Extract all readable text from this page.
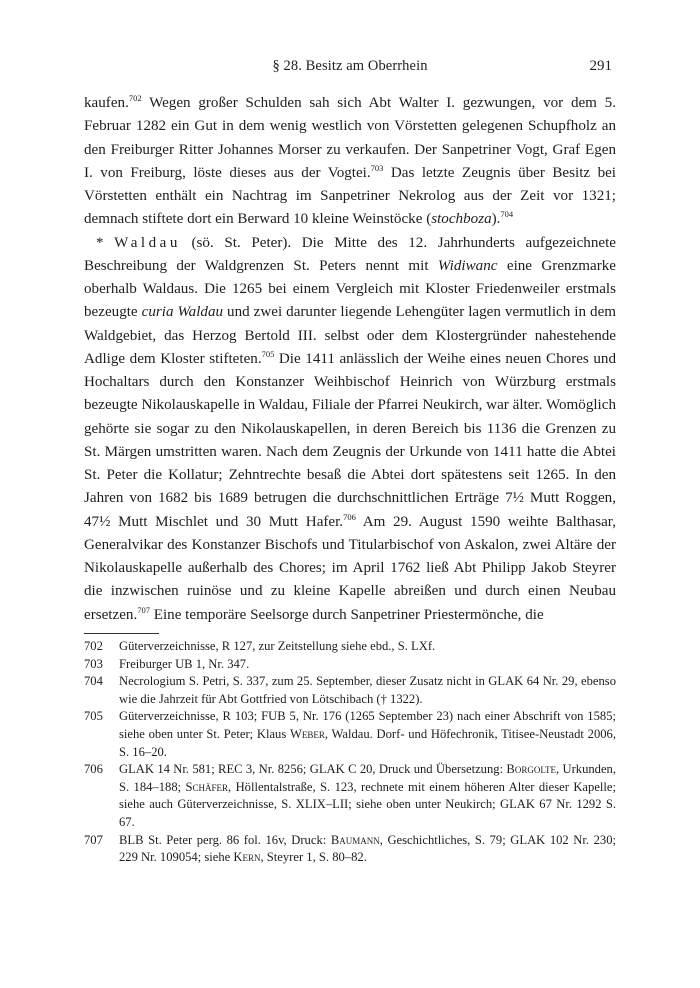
§ 28. Besitz am Oberrhein	291

kaufen.$^{702}$ Wegen großer Schulden sah sich Abt Walter I. gezwungen, vor dem 5. Februar 1282 ein Gut in dem wenig westlich von Vörstetten gelegenen Schupfholz an den Freiburger Ritter Johannes Morser zu verkaufen. Der Sanpetriner Vogt, Graf Egen I. von Freiburg, löste dieses aus der Vogtei.$^{703}$ Das letzte Zeugnis über Besitz bei Vörstetten enthält ein Nachtrag im Sanpetriner Nekrolog aus der Zeit vor 1321; demnach stiftete dort ein Berward 10 kleine Weinstöcke (stochboza).$^{704}$

* Waldau (sö. St. Peter). Die Mitte des 12. Jahrhunderts aufgezeichnete Beschreibung der Waldgrenzen St. Peters nennt mit Widiwanc eine Grenzmarke oberhalb Waldaus. Die 1265 bei einem Vergleich mit Kloster Friedenweiler erstmals bezeugte curia Waldau und zwei darunter liegende Lehengüter lagen vermutlich in dem Waldgebiet, das Herzog Bertold III. selbst oder dem Klostergründer nahestehende Adlige dem Kloster stifteten.$^{705}$ Die 1411 anlässlich der Weihe eines neuen Chores und Hochaltars durch den Konstanzer Weihbischof Heinrich von Würzburg erstmals bezeugte Nikolauskapelle in Waldau, Filiale der Pfarrei Neukirch, war älter. Womöglich gehörte sie sogar zu den Nikolauskapellen, in deren Bereich bis 1136 die Grenzen zu St. Märgen umstritten waren. Nach dem Zeugnis der Urkunde von 1411 hatte die Abtei St. Peter die Kollatur; Zehntrechte besaß die Abtei dort spätestens seit 1265. In den Jahren von 1682 bis 1689 betrugen die durchschnittlichen Erträge 7½ Mutt Roggen, 47½ Mutt Mischlet und 30 Mutt Hafer.$^{706}$ Am 29. August 1590 weihte Balthasar, Generalvikar des Konstanzer Bischofs und Titularbischof von Askalon, zwei Altäre der Nikolauskapelle außerhalb des Chores; im April 1762 ließ Abt Philipp Jakob Steyrer die inzwischen ruinöse und zu kleine Kapelle abreißen und durch einen Neubau ersetzen.$^{707}$ Eine temporäre Seelsorge durch Sanpetriner Priestermönche, die

702	Güterverzeichnisse, R 127, zur Zeitstellung siehe ebd., S. LXf.
703	Freiburger UB 1, Nr. 347.
704	Necrologium S. Petri, S. 337, zum 25. September, dieser Zusatz nicht in GLAK 64 Nr. 29, ebenso wie die Jahrzeit für Abt Gottfried von Lötschibach († 1322).
705	Güterverzeichnisse, R 103; FUB 5, Nr. 176 (1265 September 23) nach einer Abschrift von 1585; siehe oben unter St. Peter; Klaus Weber, Waldau. Dorf- und Höfechronik, Titisee-Neustadt 2006, S. 16–20.
706	GLAK 14 Nr. 581; REC 3, Nr. 8256; GLAK C 20, Druck und Übersetzung: Borgolte, Urkunden, S. 184–188; Schäfer, Höllentalstraße, S. 123, rechnete mit einem höheren Alter dieser Kapelle; siehe auch Güterverzeichnisse, S. XLIX–LII; siehe oben unter Neukirch; GLAK 67 Nr. 1292 S. 67.
707	BLB St. Peter perg. 86 fol. 16v, Druck: Baumann, Geschichtliches, S. 79; GLAK 102 Nr. 230; 229 Nr. 109054; siehe Kern, Steyrer 1, S. 80–82.
